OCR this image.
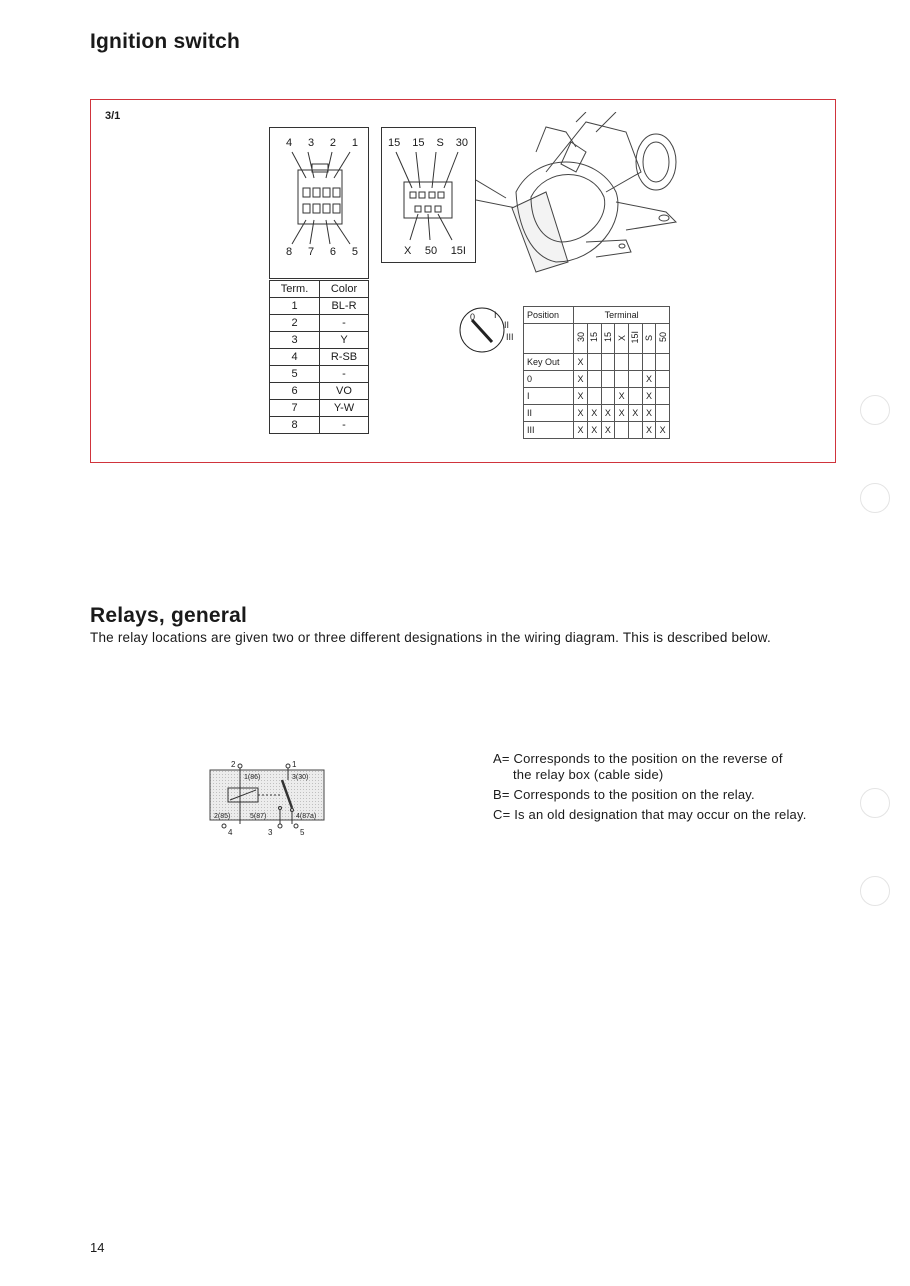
Ignition switch
3/1
4 3 2 1
8 7 6 5
Term.	Color
1	BL-R
2	-
3	Y
4	R-SB
5	-
6	VO
7	Y-W
8	-
15 15 S 30
X 50 15I
0 I
II
III
Position	Terminal						
	30	15	15	X	15I	S	50
Key Out	X						
0	X					X	
I	X			X		X	
II	X	X	X	X	X	X	
III	X	X	X			X	X
Relays, general
The relay locations are given two or three different designations in the wiring diagram. This is described below.
2	1
4	3	5
1(86)	3(30)
2(85)	5(87)	4(87a)
A= Corresponds to the position on the reverse of
the relay box (cable side)
B= Corresponds to the position on the relay.
C= Is an old designation that may occur on the relay.
14
